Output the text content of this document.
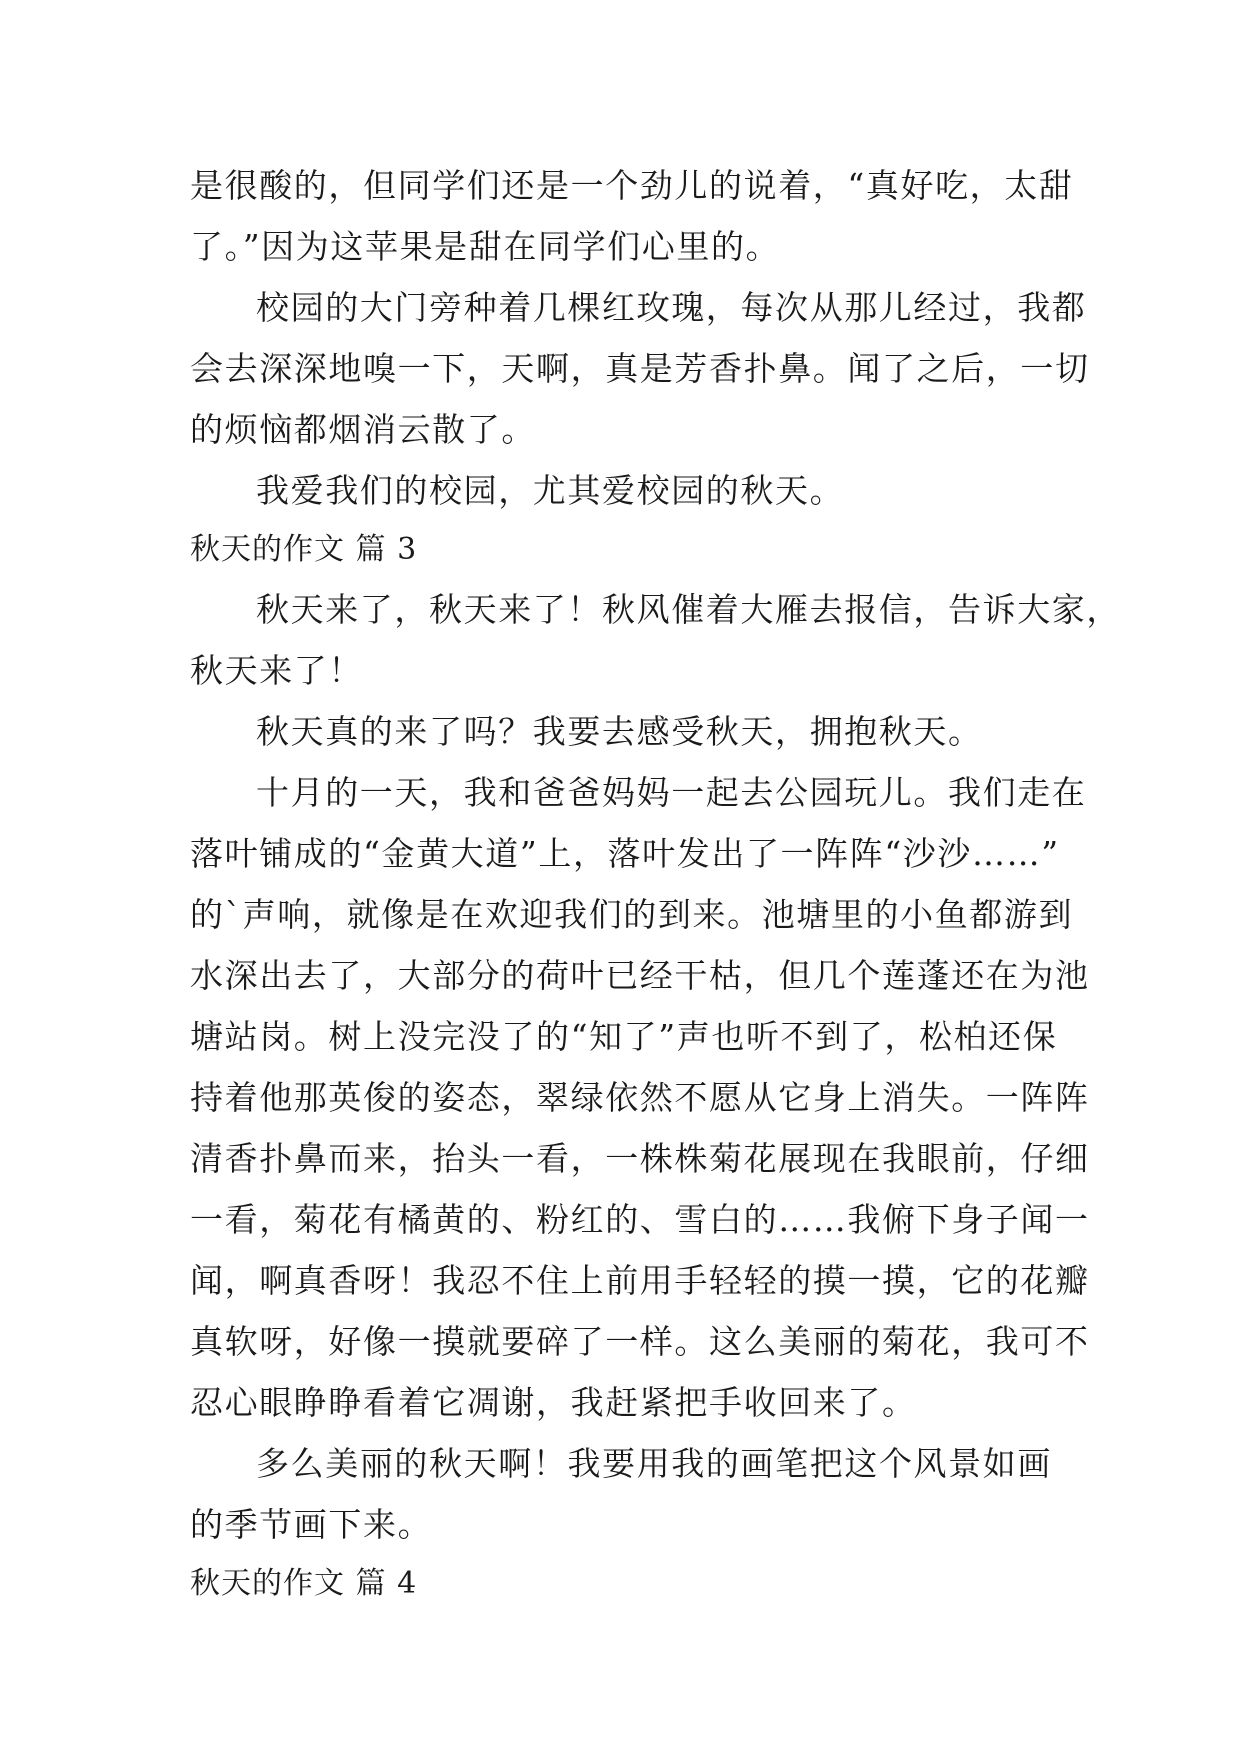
是很酸的，但同学们还是一个劲儿的说着，“真好吃，太甜
了。”因为这苹果是甜在同学们心里的。
校园的大门旁种着几棵红玫瑰，每次从那儿经过，我都
会去深深地嗅一下，天啊，真是芳香扑鼻。闻了之后，一切
的烦恼都烟消云散了。
我爱我们的校园，尤其爱校园的秋天。
秋天的作文 篇 3
秋天来了，秋天来了！秋风催着大雁去报信，告诉大家，
秋天来了！
秋天真的来了吗？我要去感受秋天，拥抱秋天。
十月的一天，我和爸爸妈妈一起去公园玩儿。我们走在
落叶铺成的“金黄大道”上，落叶发出了一阵阵“沙沙……”
的`声响，就像是在欢迎我们的到来。池塘里的小鱼都游到
水深出去了，大部分的荷叶已经干枯，但几个莲蓬还在为池
塘站岗。树上没完没了的“知了”声也听不到了，松柏还保
持着他那英俊的姿态，翠绿依然不愿从它身上消失。一阵阵
清香扑鼻而来，抬头一看，一株株菊花展现在我眼前，仔细
一看，菊花有橘黄的、粉红的、雪白的……我俯下身子闻一
闻，啊真香呀！我忍不住上前用手轻轻的摸一摸，它的花瓣
真软呀，好像一摸就要碎了一样。这么美丽的菊花，我可不
忍心眼睁睁看着它凋谢，我赶紧把手收回来了。
多么美丽的秋天啊！我要用我的画笔把这个风景如画
的季节画下来。
秋天的作文 篇 4
